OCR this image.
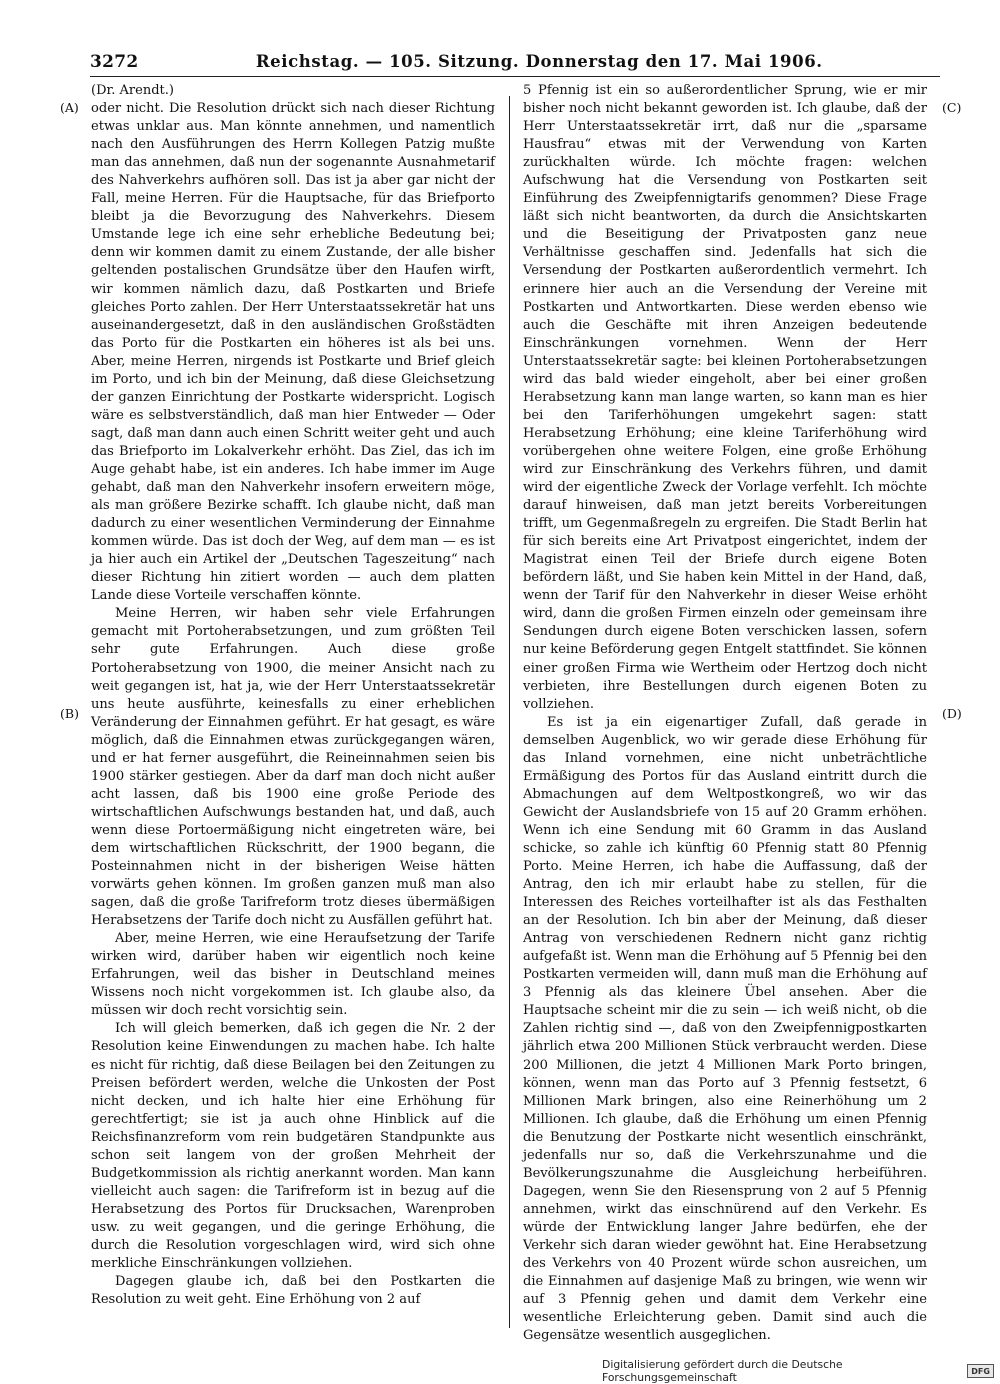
3272	Reichstag. — 105. Sitzung. Donnerstag den 17. Mai 1906.
(A)
(B)
(C)
(D)
(Dr. Arendt.)

oder nicht. Die Resolution drückt sich nach dieser Richtung etwas unklar aus. Man könnte annehmen, und namentlich nach den Ausführungen des Herrn Kollegen Patzig mußte man das annehmen, daß nun der sogenannte Ausnahmetarif des Nahverkehrs aufhören soll. Das ist ja aber gar nicht der Fall, meine Herren. Für die Hauptsache, für das Briefporto bleibt ja die Bevorzugung des Nahverkehrs. Diesem Umstande lege ich eine sehr erhebliche Bedeutung bei; denn wir kommen damit zu einem Zustande, der alle bisher geltenden postalischen Grundsätze über den Haufen wirft, wir kommen nämlich dazu, daß Postkarten und Briefe gleiches Porto zahlen. Der Herr Unterstaatssekretär hat uns auseinandergesetzt, daß in den ausländischen Großstädten das Porto für die Postkarten ein höheres ist als bei uns. Aber, meine Herren, nirgends ist Postkarte und Brief gleich im Porto, und ich bin der Meinung, daß diese Gleichsetzung der ganzen Einrichtung der Postkarte widerspricht. Logisch wäre es selbstverständlich, daß man hier Entweder — Oder sagt, daß man dann auch einen Schritt weiter geht und auch das Briefporto im Lokalverkehr erhöht. Das Ziel, das ich im Auge gehabt habe, ist ein anderes. Ich habe immer im Auge gehabt, daß man den Nahverkehr insofern erweitern möge, als man größere Bezirke schafft. Ich glaube nicht, daß man dadurch zu einer wesentlichen Verminderung der Einnahme kommen würde. Das ist doch der Weg, auf dem man — es ist ja hier auch ein Artikel der „Deutschen Tageszeitung“ nach dieser Richtung hin zitiert worden — auch dem platten Lande diese Vorteile verschaffen könnte.

Meine Herren, wir haben sehr viele Erfahrungen gemacht mit Portoherabsetzungen, und zum größten Teil sehr gute Erfahrungen. Auch diese große Portoherabsetzung von 1900, die meiner Ansicht nach zu weit gegangen ist, hat ja, wie der Herr Unterstaatssekretär uns heute ausführte, keinesfalls zu einer erheblichen Veränderung der Einnahmen geführt. Er hat gesagt, es wäre möglich, daß die Einnahmen etwas zurückgegangen wären, und er hat ferner ausgeführt, die Reineinnahmen seien bis 1900 stärker gestiegen. Aber da darf man doch nicht außer acht lassen, daß bis 1900 eine große Periode des wirtschaftlichen Aufschwungs bestanden hat, und daß, auch wenn diese Portoermäßigung nicht eingetreten wäre, bei dem wirtschaftlichen Rückschritt, der 1900 begann, die Posteinnahmen nicht in der bisherigen Weise hätten vorwärts gehen können. Im großen ganzen muß man also sagen, daß die große Tarifreform trotz dieses übermäßigen Herabsetzens der Tarife doch nicht zu Ausfällen geführt hat.

Aber, meine Herren, wie eine Heraufsetzung der Tarife wirken wird, darüber haben wir eigentlich noch keine Erfahrungen, weil das bisher in Deutschland meines Wissens noch nicht vorgekommen ist. Ich glaube also, da müssen wir doch recht vorsichtig sein.

Ich will gleich bemerken, daß ich gegen die Nr. 2 der Resolution keine Einwendungen zu machen habe. Ich halte es nicht für richtig, daß diese Beilagen bei den Zeitungen zu Preisen befördert werden, welche die Unkosten der Post nicht decken, und ich halte hier eine Erhöhung für gerechtfertigt; sie ist ja auch ohne Hinblick auf die Reichsfinanzreform vom rein budgetären Standpunkte aus schon seit langem von der großen Mehrheit der Budgetkommission als richtig anerkannt worden. Man kann vielleicht auch sagen: die Tarifreform ist in bezug auf die Herabsetzung des Portos für Drucksachen, Warenproben usw. zu weit gegangen, und die geringe Erhöhung, die durch die Resolution vorgeschlagen wird, wird sich ohne merkliche Einschränkungen vollziehen.

Dagegen glaube ich, daß bei den Postkarten die Resolution zu weit geht. Eine Erhöhung von 2 auf

5 Pfennig ist ein so außerordentlicher Sprung, wie er mir bisher noch nicht bekannt geworden ist. Ich glaube, daß der Herr Unterstaatssekretär irrt, daß nur die „sparsame Hausfrau“ etwas mit der Verwendung von Karten zurückhalten würde. Ich möchte fragen: welchen Aufschwung hat die Versendung von Postkarten seit Einführung des Zweipfennigtarifs genommen? Diese Frage läßt sich nicht beantworten, da durch die Ansichtskarten und die Beseitigung der Privatposten ganz neue Verhältnisse geschaffen sind. Jedenfalls hat sich die Versendung der Postkarten außerordentlich vermehrt. Ich erinnere hier auch an die Versendung der Vereine mit Postkarten und Antwortkarten. Diese werden ebenso wie auch die Geschäfte mit ihren Anzeigen bedeutende Einschränkungen vornehmen. Wenn der Herr Unterstaatssekretär sagte: bei kleinen Portoherabsetzungen wird das bald wieder eingeholt, aber bei einer großen Herabsetzung kann man lange warten, so kann man es hier bei den Tariferhöhungen umgekehrt sagen: statt Herabsetzung Erhöhung; eine kleine Tariferhöhung wird vorübergehen ohne weitere Folgen, eine große Erhöhung wird zur Einschränkung des Verkehrs führen, und damit wird der eigentliche Zweck der Vorlage verfehlt. Ich möchte darauf hinweisen, daß man jetzt bereits Vorbereitungen trifft, um Gegenmaßregeln zu ergreifen. Die Stadt Berlin hat für sich bereits eine Art Privatpost eingerichtet, indem der Magistrat einen Teil der Briefe durch eigene Boten befördern läßt, und Sie haben kein Mittel in der Hand, daß, wenn der Tarif für den Nahverkehr in dieser Weise erhöht wird, dann die großen Firmen einzeln oder gemeinsam ihre Sendungen durch eigene Boten verschicken lassen, sofern nur keine Beförderung gegen Entgelt stattfindet. Sie können einer großen Firma wie Wertheim oder Hertzog doch nicht verbieten, ihre Bestellungen durch eigenen Boten zu vollziehen.

Es ist ja ein eigenartiger Zufall, daß gerade in demselben Augenblick, wo wir gerade diese Erhöhung für das Inland vornehmen, eine nicht unbeträchtliche Ermäßigung des Portos für das Ausland eintritt durch die Abmachungen auf dem Weltpostkongreß, wo wir das Gewicht der Auslandsbriefe von 15 auf 20 Gramm erhöhen. Wenn ich eine Sendung mit 60 Gramm in das Ausland schicke, so zahle ich künftig 60 Pfennig statt 80 Pfennig Porto. Meine Herren, ich habe die Auffassung, daß der Antrag, den ich mir erlaubt habe zu stellen, für die Interessen des Reiches vorteilhafter ist als das Festhalten an der Resolution. Ich bin aber der Meinung, daß dieser Antrag von verschiedenen Rednern nicht ganz richtig aufgefaßt ist. Wenn man die Erhöhung auf 5 Pfennig bei den Postkarten vermeiden will, dann muß man die Erhöhung auf 3 Pfennig als das kleinere Übel ansehen. Aber die Hauptsache scheint mir die zu sein — ich weiß nicht, ob die Zahlen richtig sind —, daß von den Zweipfennigpostkarten jährlich etwa 200 Millionen Stück verbraucht werden. Diese 200 Millionen, die jetzt 4 Millionen Mark Porto bringen, können, wenn man das Porto auf 3 Pfennig festsetzt, 6 Millionen Mark bringen, also eine Reinerhöhung um 2 Millionen. Ich glaube, daß die Erhöhung um einen Pfennig die Benutzung der Postkarte nicht wesentlich einschränkt, jedenfalls nur so, daß die Verkehrszunahme und die Bevölkerungszunahme die Ausgleichung herbeiführen. Dagegen, wenn Sie den Riesensprung von 2 auf 5 Pfennig annehmen, wirkt das einschnürend auf den Verkehr. Es würde der Entwicklung langer Jahre bedürfen, ehe der Verkehr sich daran wieder gewöhnt hat. Eine Herabsetzung des Verkehrs von 40 Prozent würde schon ausreichen, um die Einnahmen auf dasjenige Maß zu bringen, wie wenn wir auf 3 Pfennig gehen und damit dem Verkehr eine wesentliche Erleichterung geben. Damit sind auch die Gegensätze wesentlich ausgeglichen.

Digitalisierung gefördert durch die Deutsche Forschungsgemeinschaft	DFG
